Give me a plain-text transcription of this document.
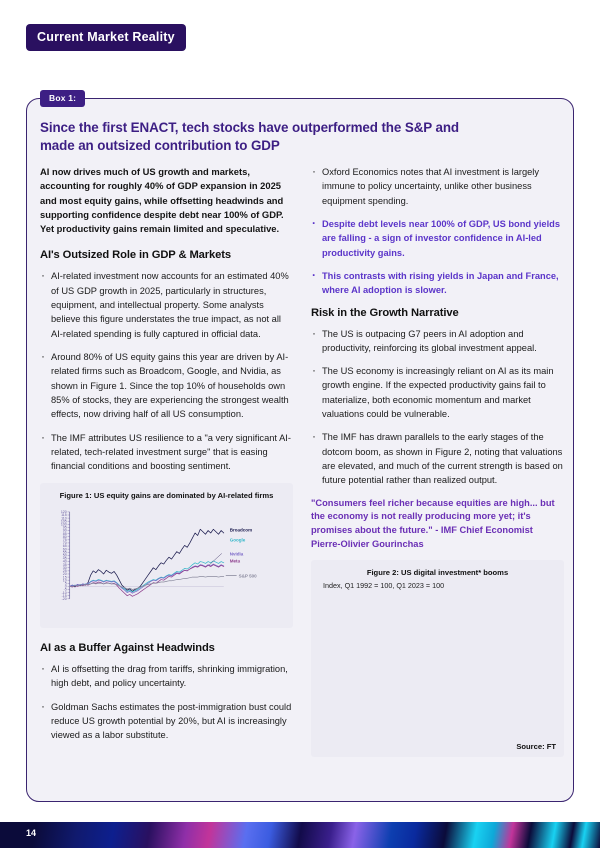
Current Market Reality
Box 1:
Since the first ENACT, tech stocks have outperformed the S&P and made an outsized contribution to GDP
AI now drives much of US growth and markets, accounting for roughly 40% of GDP expansion in 2025 and most equity gains, while offsetting headwinds and supporting confidence despite debt near 100% of GDP. Yet productivity gains remain limited and speculative.
AI's Outsized Role in GDP & Markets
· AI-related investment now accounts for an estimated 40% of US GDP growth in 2025, particularly in structures, equipment, and intellectual property. Some analysts believe this figure understates the true impact, as not all AI-related spending is fully captured in official data.
· Around 80% of US equity gains this year are driven by AI-related firms such as Broadcom, Google, and Nvidia, as shown in Figure 1. Since the top 10% of households own 85% of stocks, they are experiencing the strongest wealth effects, now driving half of all US consumption.
· The IMF attributes US resilience to a "a very significant AI-related, tech-related investment surge" that is easing financial conditions and boosting sentiment.
Figure 1: US equity gains are dominated by AI-related firms
-20
-15
-10
-5
0
5
10
15
20
25
30
35
40
45
50
55
60
65
70
75
80
85
90
95
100
105
110
115
120
Broadcom
Google
Nvidia
Meta
S&P 500
AI as a Buffer Against Headwinds
· AI is offsetting the drag from tariffs, shrinking immigration, high debt, and policy uncertainty.
· Goldman Sachs estimates the post-immigration bust could reduce US growth potential by 20%, but AI is increasingly viewed as a labor substitute.
· Oxford Economics notes that AI investment is largely immune to policy uncertainty, unlike other business equipment spending.
· Despite debt levels near 100% of GDP, US bond yields are falling - a sign of investor confidence in AI-led productivity gains.
· This contrasts with rising yields in Japan and France, where AI adoption is slower.
Risk in the Growth Narrative
· The US is outpacing G7 peers in AI adoption and productivity, reinforcing its global investment appeal.
· The US economy is increasingly reliant on AI as its main growth engine. If the expected productivity gains fail to materialize, both economic momentum and market valuations could be vulnerable.
· The IMF has drawn parallels to the early stages of the dotcom boom, as shown in Figure 2, noting that valuations are elevated, and much of the current strength is based on future potential rather than realized output.
"Consumers feel richer because equities are high... but the economy is not really producing more yet; it's promises about the future." - IMF Chief Economist Pierre-Olivier Gourinchas
Figure 2: US digital investment* booms
Index, Q1 1992 = 100, Q1 2023 = 100
Source: FT
14
